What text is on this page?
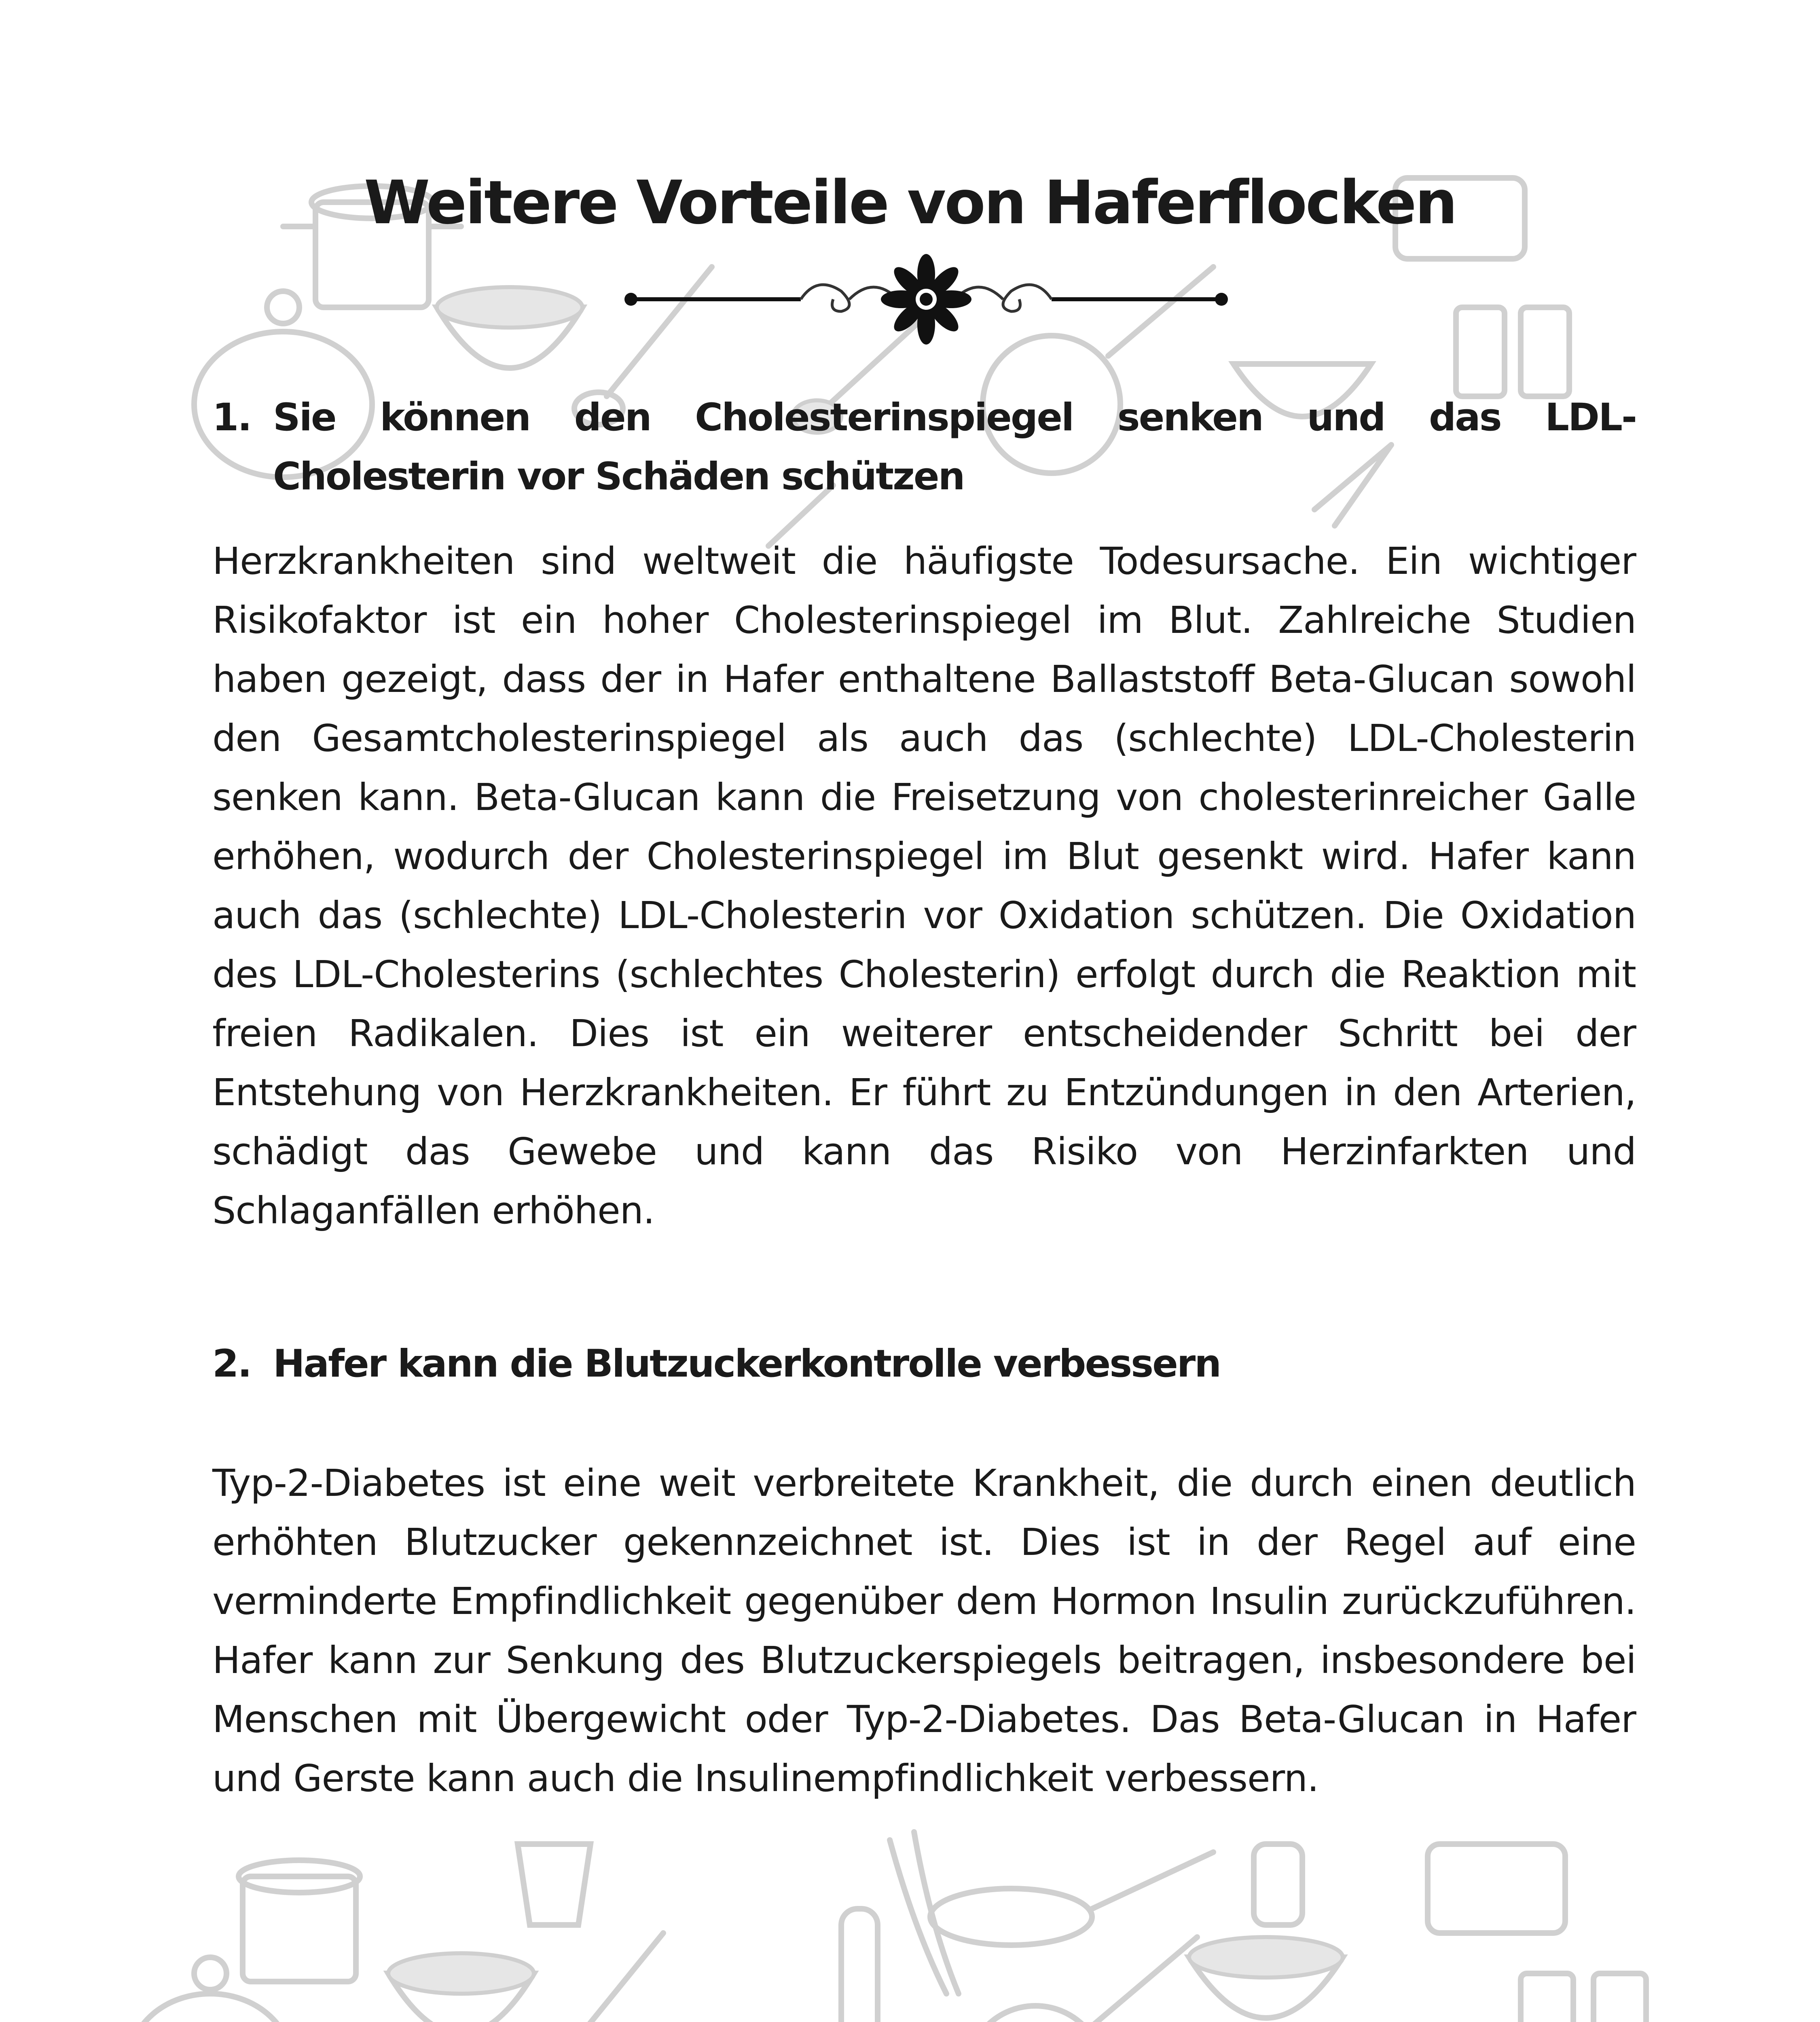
Weitere Vorteile von Haferflocken
1. Sie können den Cholesterinspiegel senken und das LDL-Cholesterin vor Schäden schützen

Herzkrankheiten sind weltweit die häufigste Todesursache. Ein wichtiger Risikofaktor ist ein hoher Cholesterinspiegel im Blut. Zahlreiche Studien haben gezeigt, dass der in Hafer enthaltene Ballaststoff Beta-Glucan sowohl den Gesamtcholesterinspiegel als auch das (schlechte) LDL-Cholesterin senken kann. Beta-Glucan kann die Freisetzung von cholesterinreicher Galle erhöhen, wodurch der Cholesterinspiegel im Blut gesenkt wird. Hafer kann auch das (schlechte) LDL-Cholesterin vor Oxidation schützen. Die Oxidation des LDL-Cholesterins (schlechtes Cholesterin) erfolgt durch die Reaktion mit freien Radikalen. Dies ist ein weiterer entscheidender Schritt bei der Entstehung von Herzkrankheiten. Er führt zu Entzündungen in den Arterien, schädigt das Gewebe und kann das Risiko von Herzinfarkten und Schlaganfällen erhöhen.

2. Hafer kann die Blutzuckerkontrolle verbessern

Typ-2-Diabetes ist eine weit verbreitete Krankheit, die durch einen deutlich erhöhten Blutzucker gekennzeichnet ist. Dies ist in der Regel auf eine verminderte Empfindlichkeit gegenüber dem Hormon Insulin zurückzuführen. Hafer kann zur Senkung des Blutzuckerspiegels beitragen, insbesondere bei Menschen mit Übergewicht oder Typ-2-Diabetes. Das Beta-Glucan in Hafer und Gerste kann auch die Insulinempfindlichkeit verbessern.
